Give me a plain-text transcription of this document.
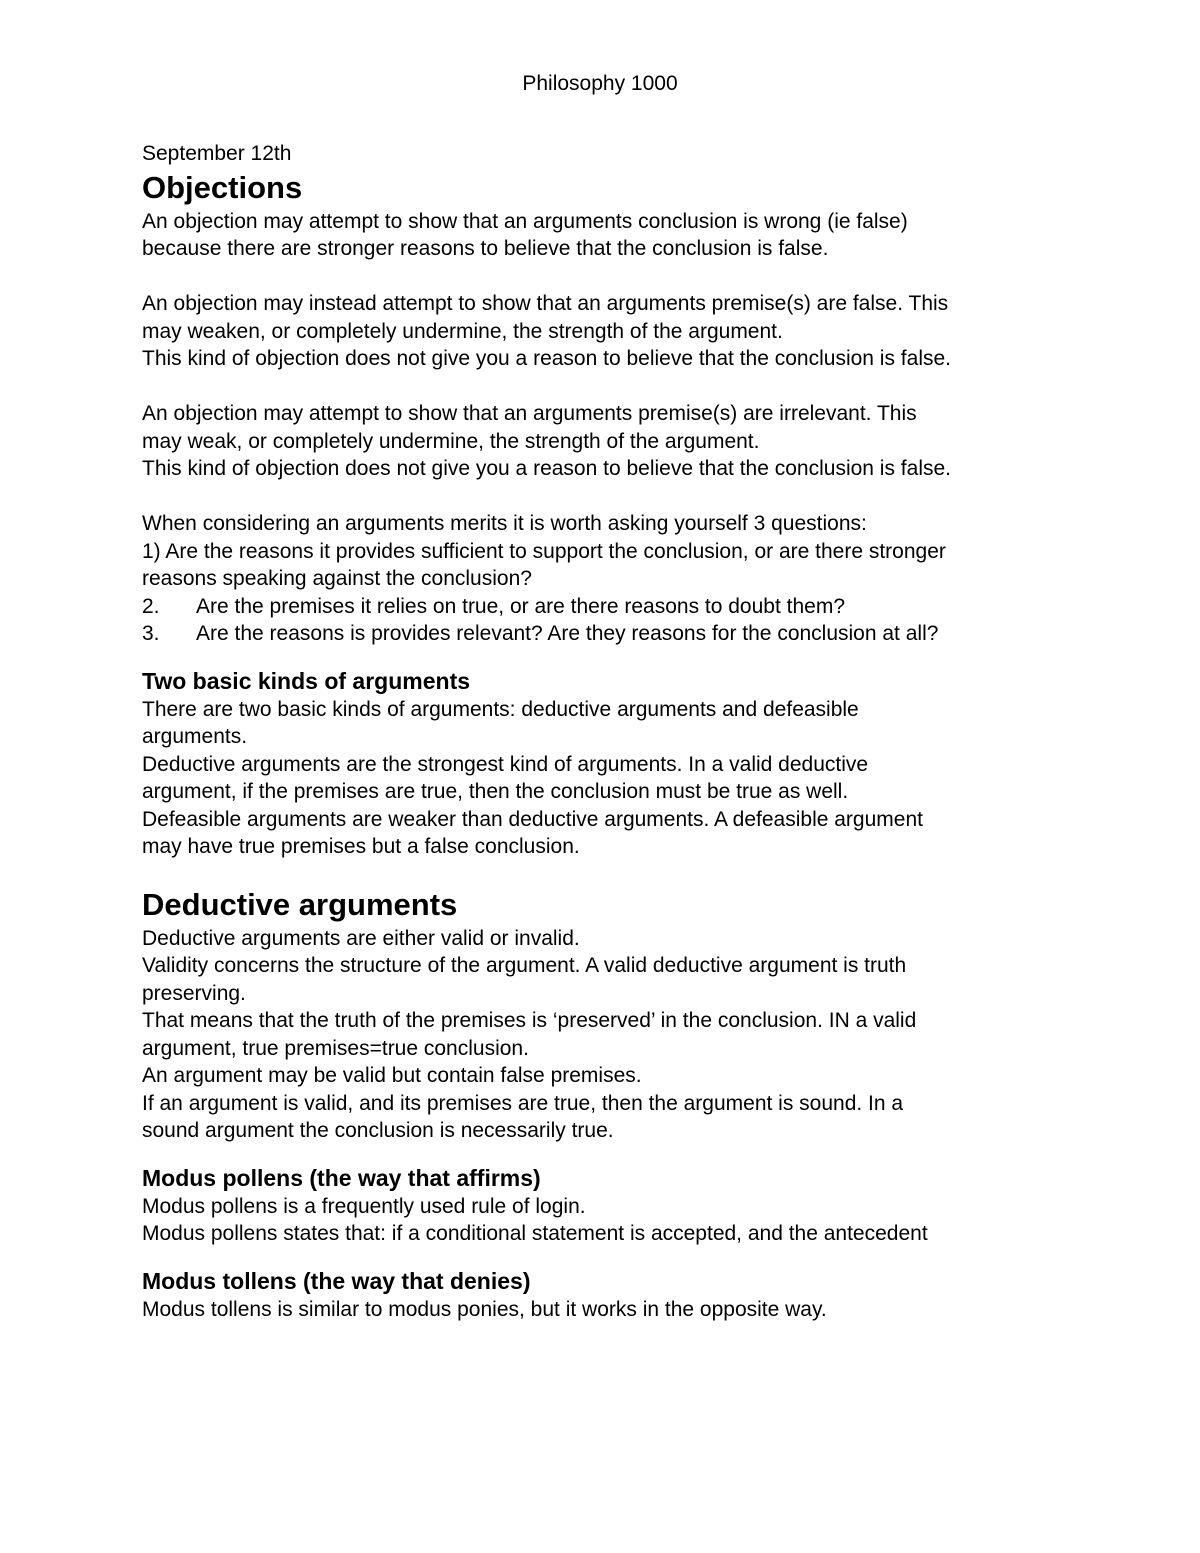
Philosophy 1000

September 12th

Objections

An objection may attempt to show that an arguments conclusion is wrong (ie false)

because there are stronger reasons to believe that the conclusion is false.

An objection may instead attempt to show that an arguments premise(s) are false. This

may weaken, or completely undermine, the strength of the argument.

This kind of objection does not give you a reason to believe that the conclusion is false.

An objection may attempt to show that an arguments premise(s) are irrelevant. This

may weak, or completely undermine, the strength of the argument.

This kind of objection does not give you a reason to believe that the conclusion is false.

When considering an arguments merits it is worth asking yourself 3 questions:

1) Are the reasons it provides sufficient to support the conclusion, or are there stronger

reasons speaking against the conclusion?

2.	Are the premises it relies on true, or are there reasons to doubt them?
3.	Are the reasons is provides relevant? Are they reasons for the conclusion at all?
Two basic kinds of arguments

There are two basic kinds of arguments: deductive arguments and defeasible

arguments.

Deductive arguments are the strongest kind of arguments. In a valid deductive

argument, if the premises are true, then the conclusion must be true as well.

Defeasible arguments are weaker than deductive arguments. A defeasible argument

may have true premises but a false conclusion.

Deductive arguments

Deductive arguments are either valid or invalid.

Validity concerns the structure of the argument. A valid deductive argument is truth

preserving.

That means that the truth of the premises is ‘preserved’ in the conclusion. IN a valid

argument, true premises=true conclusion.

An argument may be valid but contain false premises.

If an argument is valid, and its premises are true, then the argument is sound. In a

sound argument the conclusion is necessarily true.

Modus pollens (the way that affirms)

Modus pollens is a frequently used rule of login.

Modus pollens states that: if a conditional statement is accepted, and the antecedent

Modus tollens (the way that denies)

Modus tollens is similar to modus ponies, but it works in the opposite way.
